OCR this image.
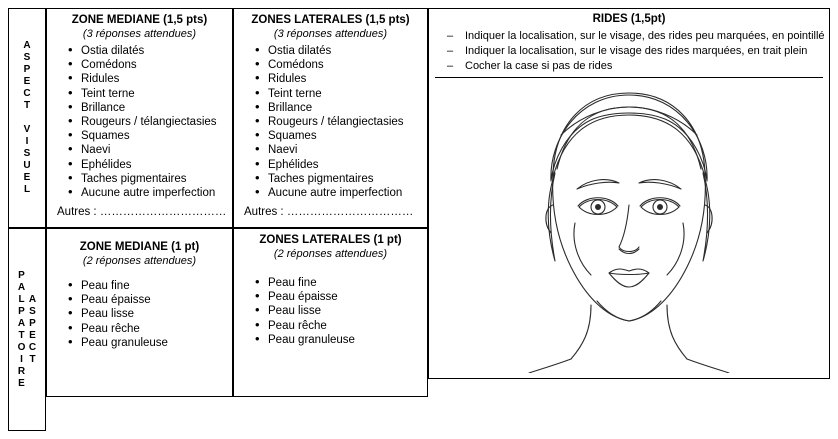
ASPECT VISUEL
ASPECT PALPATOIRE
ZONE MEDIANE (1,5 pts)
(3 réponses attendues)
• Ostia dilatés
• Comédons
• Ridules
• Teint terne
• Brillance
• Rougeurs / télangiectasies
• Squames
• Naevi
• Ephélides
• Taches pigmentaires
• Aucune autre imperfection
Autres : ……………………………
ZONES LATERALES (1,5 pts)
(3 réponses attendues)
• Ostia dilatés
• Comédons
• Ridules
• Teint terne
• Brillance
• Rougeurs / télangiectasies
• Squames
• Naevi
• Ephélides
• Taches pigmentaires
• Aucune autre imperfection
Autres : ……………………………
ZONE MEDIANE (1 pt)
(2 réponses attendues)
• Peau fine
• Peau épaisse
• Peau lisse
• Peau rêche
• Peau granuleuse
ZONES LATERALES (1 pt)
(2 réponses attendues)
• Peau fine
• Peau épaisse
• Peau lisse
• Peau rêche
• Peau granuleuse
RIDES (1,5pt)
– Indiquer la localisation, sur le visage, des rides peu marquées, en pointillé
– Indiquer la localisation, sur le visage des rides marquées, en trait plein
– Cocher la case si pas de rides
